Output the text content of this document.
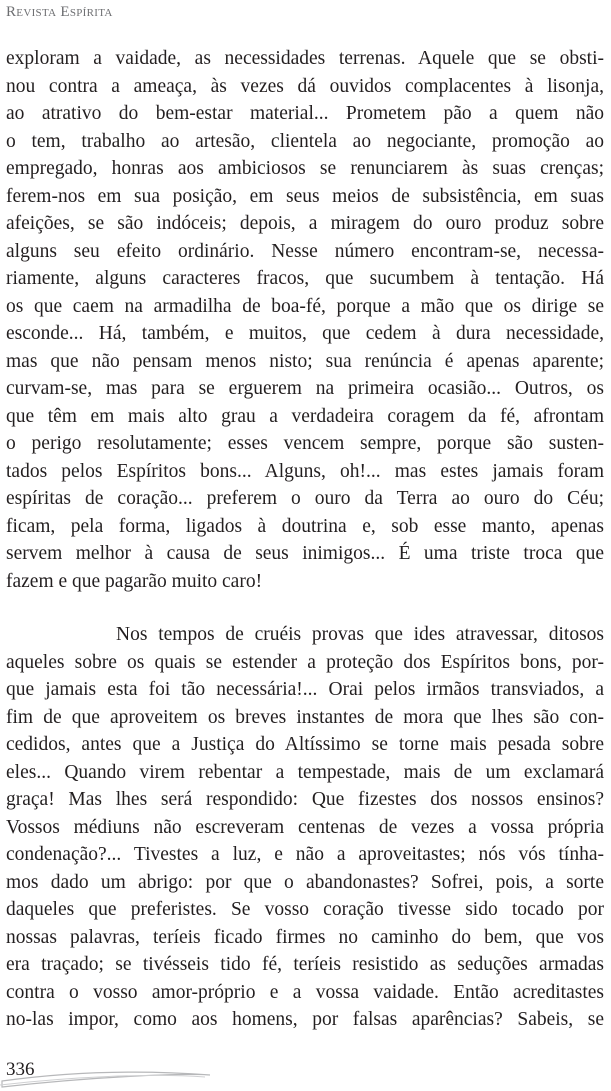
Revista Espírita
exploram a vaidade, as necessidades terrenas. Aquele que se obsti-
nou contra a ameaça, às vezes dá ouvidos complacentes à lisonja,
ao atrativo do bem-estar material... Prometem pão a quem não
o tem, trabalho ao artesão, clientela ao negociante, promoção ao
empregado, honras aos ambiciosos se renunciarem às suas crenças;
ferem-nos em sua posição, em seus meios de subsistência, em suas
afeições, se são indóceis; depois, a miragem do ouro produz sobre
alguns seu efeito ordinário. Nesse número encontram-se, necessa-
riamente, alguns caracteres fracos, que sucumbem à tentação. Há
os que caem na armadilha de boa-fé, porque a mão que os dirige se
esconde... Há, também, e muitos, que cedem à dura necessidade,
mas que não pensam menos nisto; sua renúncia é apenas aparente;
curvam-se, mas para se erguerem na primeira ocasião... Outros, os
que têm em mais alto grau a verdadeira coragem da fé, afrontam
o perigo resolutamente; esses vencem sempre, porque são susten-
tados pelos Espíritos bons... Alguns, oh!... mas estes jamais foram
espíritas de coração... preferem o ouro da Terra ao ouro do Céu;
ficam, pela forma, ligados à doutrina e, sob esse manto, apenas
servem melhor à causa de seus inimigos... É uma triste troca que
fazem e que pagarão muito caro!
Nos tempos de cruéis provas que ides atravessar, ditosos
aqueles sobre os quais se estender a proteção dos Espíritos bons, por-
que jamais esta foi tão necessária!... Orai pelos irmãos transviados, a
fim de que aproveitem os breves instantes de mora que lhes são con-
cedidos, antes que a Justiça do Altíssimo se torne mais pesada sobre
eles... Quando virem rebentar a tempestade, mais de um exclamará
graça! Mas lhes será respondido: Que fizestes dos nossos ensinos?
Vossos médiuns não escreveram centenas de vezes a vossa própria
condenação?... Tivestes a luz, e não a aproveitastes; nós vós tínha-
mos dado um abrigo: por que o abandonastes? Sofrei, pois, a sorte
daqueles que preferistes. Se vosso coração tivesse sido tocado por
nossas palavras, teríeis ficado firmes no caminho do bem, que vos
era traçado; se tivésseis tido fé, teríeis resistido as seduções armadas
contra o vosso amor-próprio e a vossa vaidade. Então acreditastes
no-las impor, como aos homens, por falsas aparências? Sabeis, se
336
